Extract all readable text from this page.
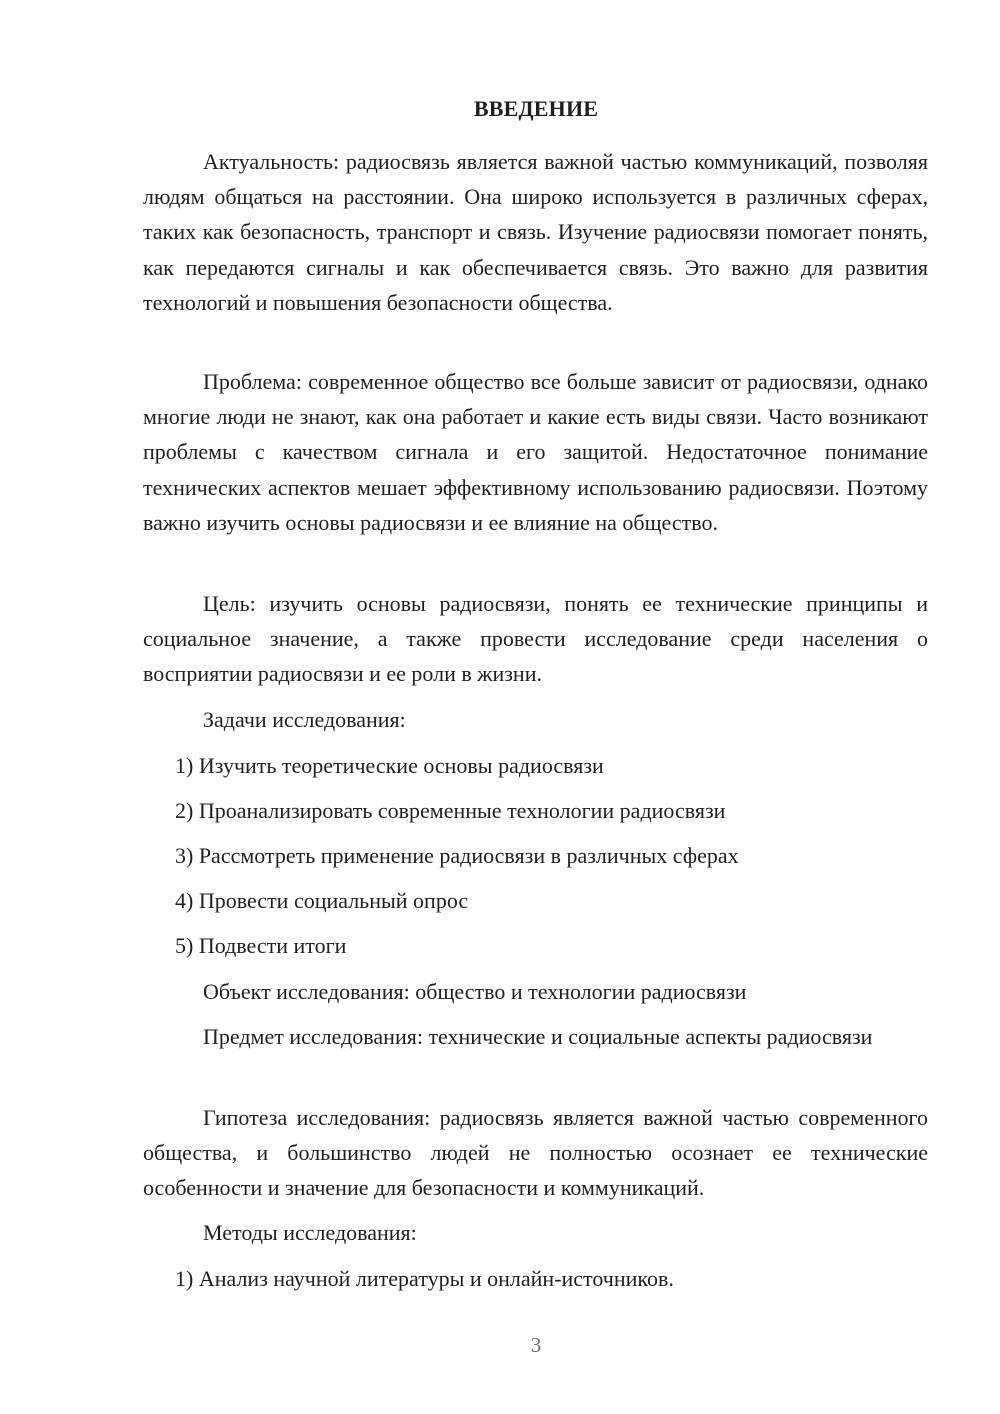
ВВЕДЕНИЕ

Актуальность: радиосвязь является важной частью коммуникаций, позволяя людям общаться на расстоянии. Она широко используется в различных сферах, таких как безопасность, транспорт и связь. Изучение радиосвязи помогает понять, как передаются сигналы и как обеспечивается связь. Это важно для развития технологий и повышения безопасности общества.

Проблема: современное общество все больше зависит от радиосвязи, однако многие люди не знают, как она работает и какие есть виды связи. Часто возникают проблемы с качеством сигнала и его защитой. Недостаточное понимание технических аспектов мешает эффективному использованию радиосвязи. Поэтому важно изучить основы радиосвязи и ее влияние на общество.

Цель: изучить основы радиосвязи, понять ее технические принципы и социальное значение, а также провести исследование среди населения о восприятии радиосвязи и ее роли в жизни.

Задачи исследования:
1) Изучить теоретические основы радиосвязи
2) Проанализировать современные технологии радиосвязи
3) Рассмотреть применение радиосвязи в различных сферах
4) Провести социальный опрос
5) Подвести итоги

Объект исследования: общество и технологии радиосвязи

Предмет исследования: технические и социальные аспекты радиосвязи

Гипотеза исследования: радиосвязь является важной частью современного общества, и большинство людей не полностью осознает ее технические особенности и значение для безопасности и коммуникаций.

Методы исследования:
1) Анализ научной литературы и онлайн-источников.
3
